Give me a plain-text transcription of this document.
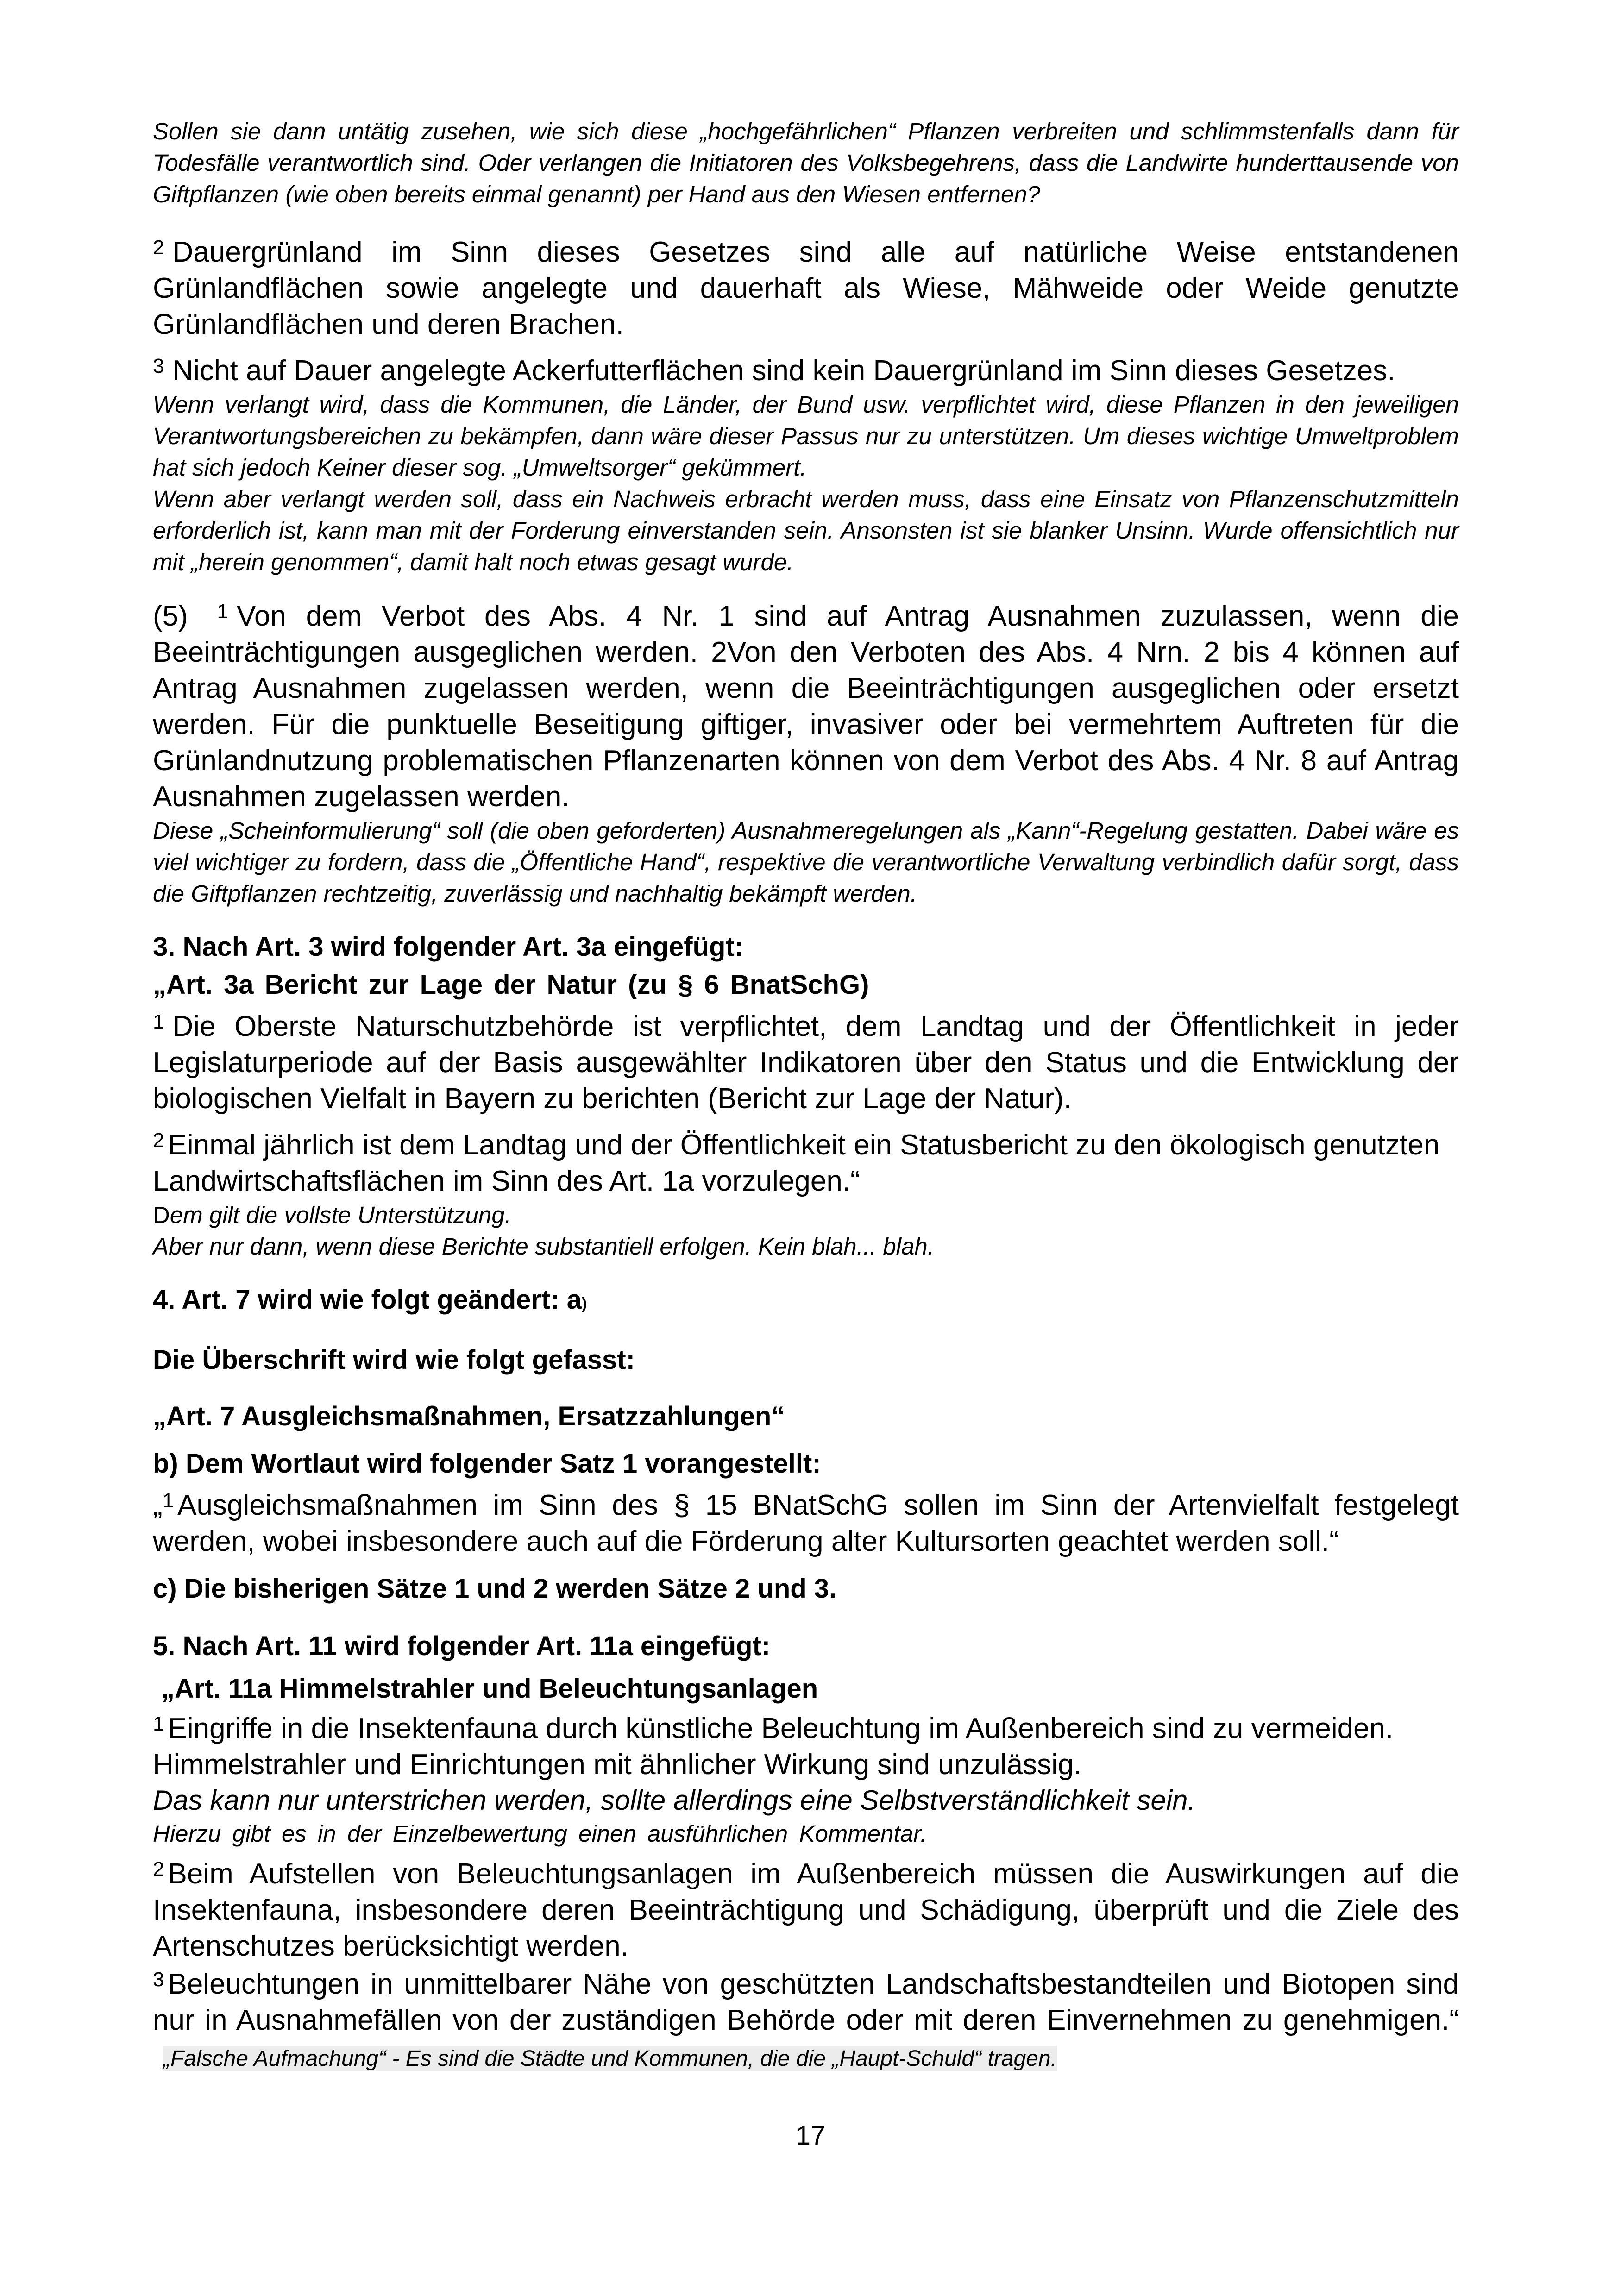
Sollen sie dann untätig zusehen, wie sich diese „hochgefährlichen“ Pflanzen verbreiten und schlimmstenfalls dann für Todesfälle verantwortlich sind. Oder verlangen die Initiatoren des Volksbegehrens, dass die Landwirte hunderttausende von Giftpflanzen (wie oben bereits einmal genannt) per Hand aus den Wiesen entfernen?

$^2$ Dauergrünland im Sinn dieses Gesetzes sind alle auf natürliche Weise entstandenen Grünlandflächen sowie angelegte und dauerhaft als Wiese, Mähweide oder Weide genutzte Grünlandflächen und deren Brachen.

$^3$ Nicht auf Dauer angelegte Ackerfutterflächen sind kein Dauergrünland im Sinn dieses Gesetzes.

Wenn verlangt wird, dass die Kommunen, die Länder, der Bund usw. verpflichtet wird, diese Pflanzen in den jeweiligen Verantwortungsbereichen zu bekämpfen, dann wäre dieser Passus nur zu unterstützen. Um dieses wichtige Umweltproblem hat sich jedoch Keiner dieser sog. „Umweltsorger“ gekümmert.

Wenn aber verlangt werden soll, dass ein Nachweis erbracht werden muss, dass eine Einsatz von Pflanzenschutzmitteln erforderlich ist, kann man mit der Forderung einverstanden sein. Ansonsten ist sie blanker Unsinn. Wurde offensichtlich nur mit „herein genommen“, damit halt noch etwas gesagt wurde.

(5) $^1$ Von dem Verbot des Abs. 4 Nr. 1 sind auf Antrag Ausnahmen zuzulassen, wenn die Beeinträchtigungen ausgeglichen werden. 2Von den Verboten des Abs. 4 Nrn. 2 bis 4 können auf Antrag Ausnahmen zugelassen werden, wenn die Beeinträchtigungen ausgeglichen oder ersetzt werden. Für die punktuelle Beseitigung giftiger, invasiver oder bei vermehrtem Auftreten für die Grünlandnutzung problematischen Pflanzenarten können von dem Verbot des Abs. 4 Nr. 8 auf Antrag Ausnahmen zugelassen werden.

Diese „Scheinformulierung“ soll (die oben geforderten) Ausnahmeregelungen als „Kann“-Regelung gestatten. Dabei wäre es viel wichtiger zu fordern, dass die „Öffentliche Hand“, respektive die verantwortliche Verwaltung verbindlich dafür sorgt, dass die Giftpflanzen rechtzeitig, zuverlässig und nachhaltig bekämpft werden.

3. Nach Art. 3 wird folgender Art. 3a eingefügt:

„Art. 3a Bericht zur Lage der Natur (zu § 6 BnatSchG)

$^1$ Die Oberste Naturschutzbehörde ist verpflichtet, dem Landtag und der Öffentlichkeit in jeder Legislaturperiode auf der Basis ausgewählter Indikatoren über den Status und die Entwicklung der biologischen Vielfalt in Bayern zu berichten (Bericht zur Lage der Natur).

$^2$ Einmal jährlich ist dem Landtag und der Öffentlichkeit ein Statusbericht zu den ökologisch genutzten Landwirtschaftsflächen im Sinn des Art. 1a vorzulegen.“

Dem gilt die vollste Unterstützung.

Aber nur dann, wenn diese Berichte substantiell erfolgen. Kein blah... blah.

4. Art. 7 wird wie folgt geändert: a)

Die Überschrift wird wie folgt gefasst:

„Art. 7 Ausgleichsmaßnahmen, Ersatzzahlungen“

b) Dem Wortlaut wird folgender Satz 1 vorangestellt:

„$^1$ Ausgleichsmaßnahmen im Sinn des § 15 BNatSchG sollen im Sinn der Artenvielfalt festgelegt werden, wobei insbesondere auch auf die Förderung alter Kultursorten geachtet werden soll.“

c) Die bisherigen Sätze 1 und 2 werden Sätze 2 und 3.

5. Nach Art. 11 wird folgender Art. 11a eingefügt:

„Art. 11a Himmelstrahler und Beleuchtungsanlagen

$^1$ Eingriffe in die Insektenfauna durch künstliche Beleuchtung im Außenbereich sind zu vermeiden. Himmelstrahler und Einrichtungen mit ähnlicher Wirkung sind unzulässig.

Das kann nur unterstrichen werden, sollte allerdings eine Selbstverständlichkeit sein.

Hierzu gibt es in der Einzelbewertung einen ausführlichen Kommentar.

$^2$ Beim Aufstellen von Beleuchtungsanlagen im Außenbereich müssen die Auswirkungen auf die Insektenfauna, insbesondere deren Beeinträchtigung und Schädigung, überprüft und die Ziele des Artenschutzes berücksichtigt werden.

$^3$ Beleuchtungen in unmittelbarer Nähe von geschützten Landschaftsbestandteilen und Biotopen sind nur in Ausnahmefällen von der zuständigen Behörde oder mit deren Einvernehmen zu genehmigen.“ „Falsche Aufmachung“ - Es sind die Städte und Kommunen, die die „Haupt-Schuld“ tragen.

17
